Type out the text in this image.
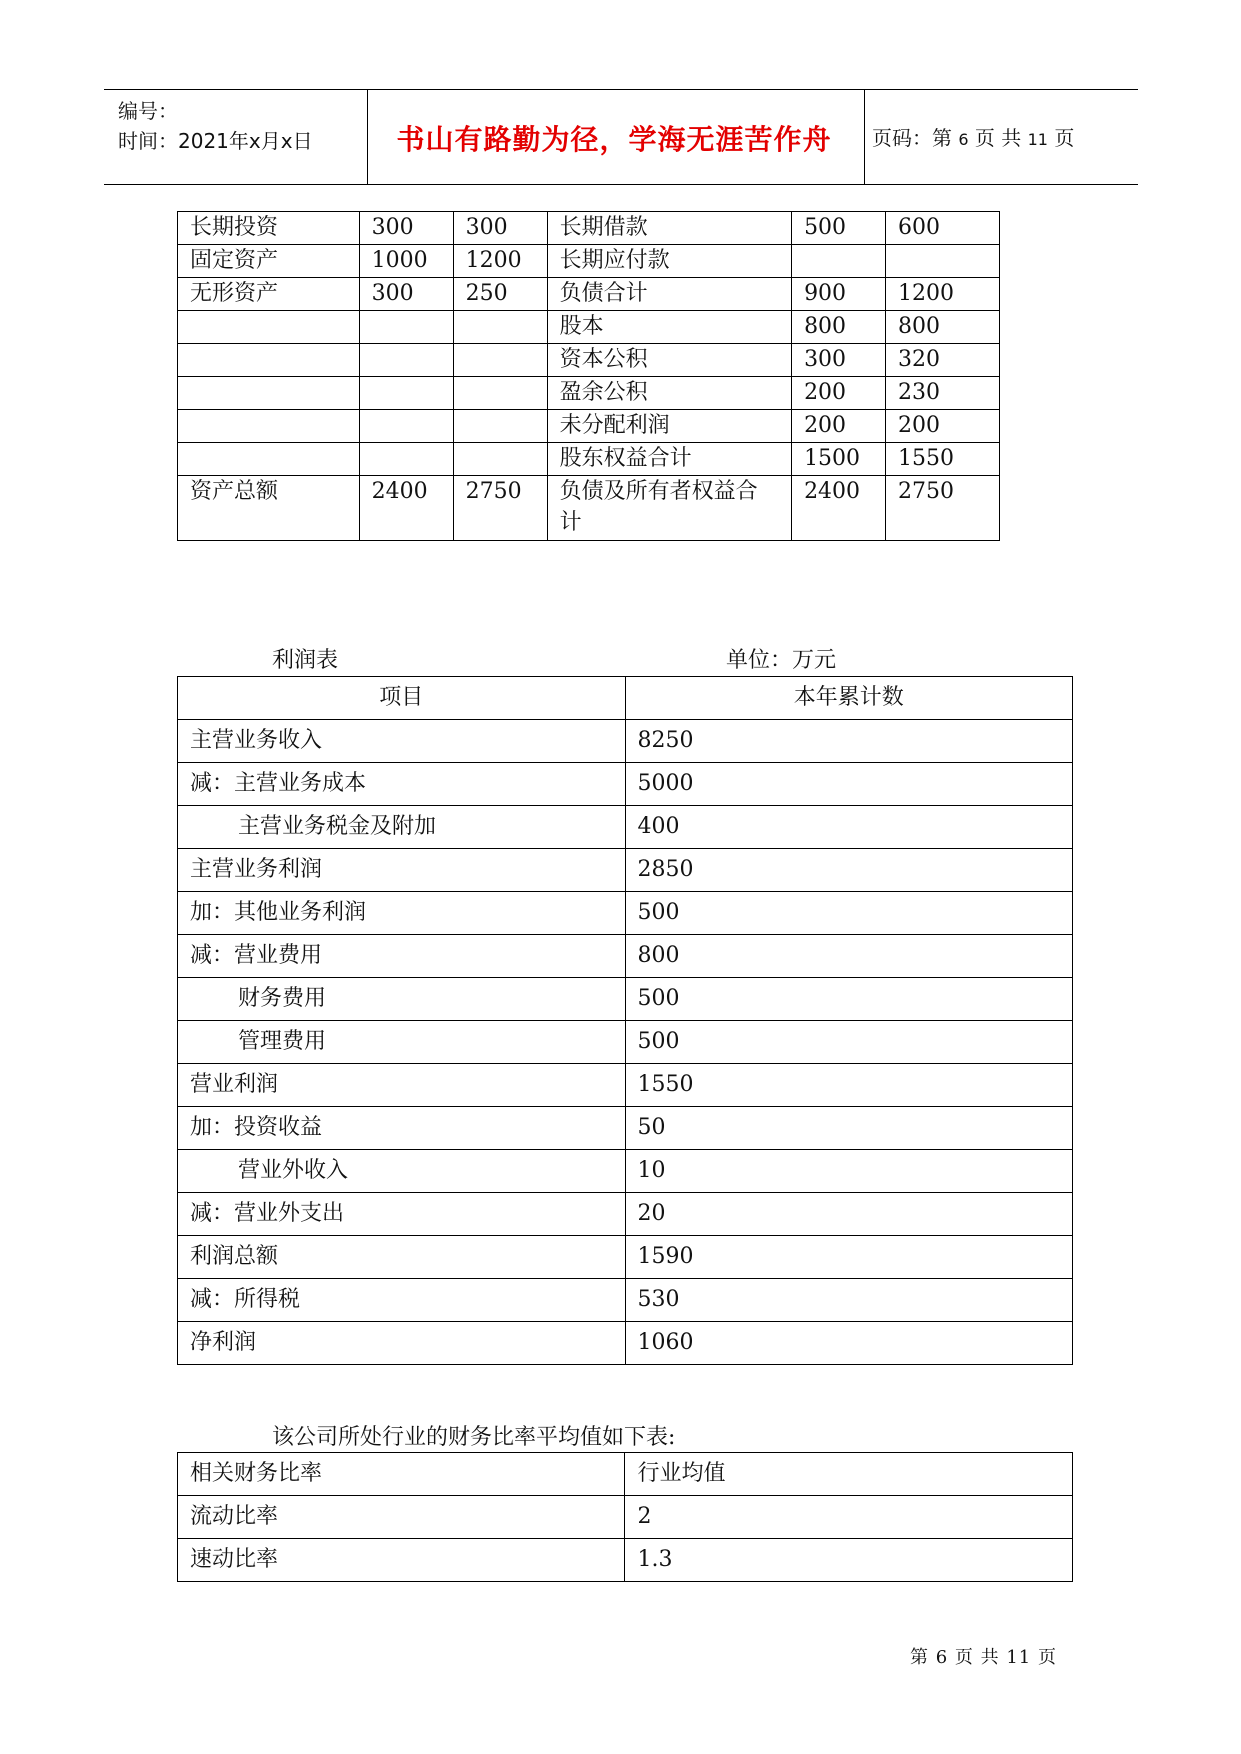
编号：
时间：2021年x月x日	书山有路勤为径，学海无涯苦作舟	页码：第 6 页 共 11 页
长期投资	300	300	长期借款	500	600
固定资产	1000	1200	长期应付款		
无形资产	300	250	负债合计	900	1200
			股本	800	800
			资本公积	300	320
			盈余公积	200	230
			未分配利润	200	200
			股东权益合计	1500	1550
资产总额	2400	2750	负债及所有者权益合计	2400	2750
利润表	单位：万元
项目	本年累计数
主营业务收入	8250
减：主营业务成本	5000
主营业务税金及附加	400
主营业务利润	2850
加：其他业务利润	500
减：营业费用	800
财务费用	500
管理费用	500
营业利润	1550
加：投资收益	50
营业外收入	10
减：营业外支出	20
利润总额	1590
减：所得税	530
净利润	1060
该公司所处行业的财务比率平均值如下表:
相关财务比率	行业均值
流动比率	2
速动比率	1.3
第 6 页 共 11 页
